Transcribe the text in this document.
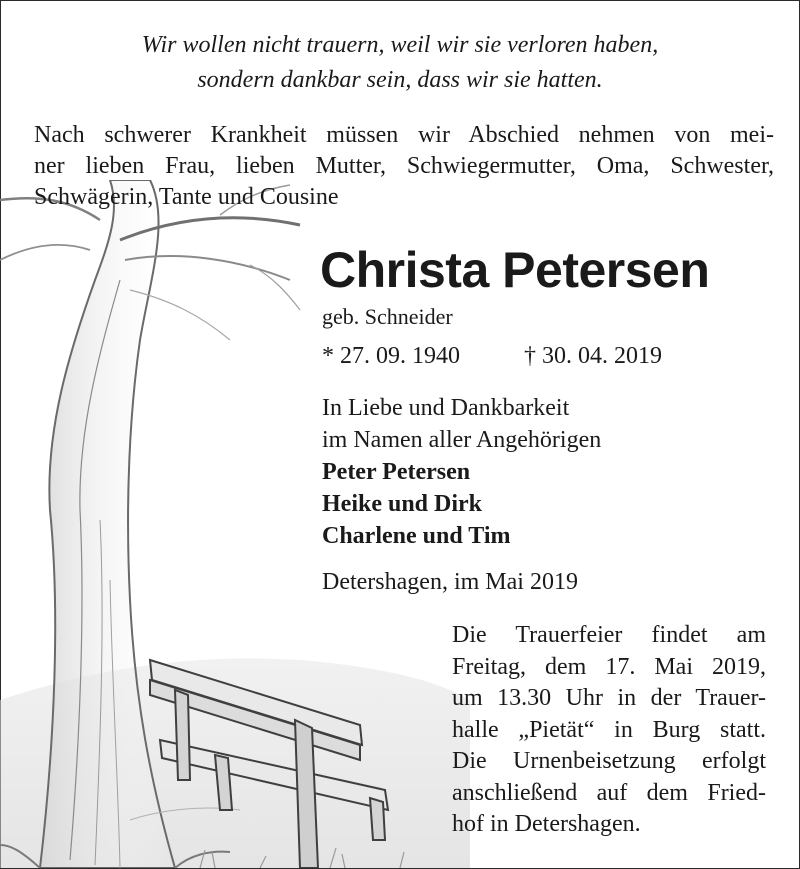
Wir wollen nicht trauern, weil wir sie verloren haben,
sondern dankbar sein, dass wir sie hatten.
Nach schwerer Krankheit müssen wir Abschied nehmen von mei-
ner lieben Frau, lieben Mutter, Schwiegermutter, Oma, Schwester,
Schwägerin, Tante und Cousine
Christa Petersen
geb. Schneider
* 27. 09. 1940	† 30. 04. 2019
In Liebe und Dankbarkeit
im Namen aller Angehörigen
Peter Petersen
Heike und Dirk
Charlene und Tim
Detershagen, im Mai 2019
Die Trauerfeier findet am
Freitag, dem 17. Mai 2019,
um 13.30 Uhr in der Trauer-
halle „Pietät“ in Burg statt.
Die Urnenbeisetzung erfolgt
anschließend auf dem Fried-
hof in Detershagen.
